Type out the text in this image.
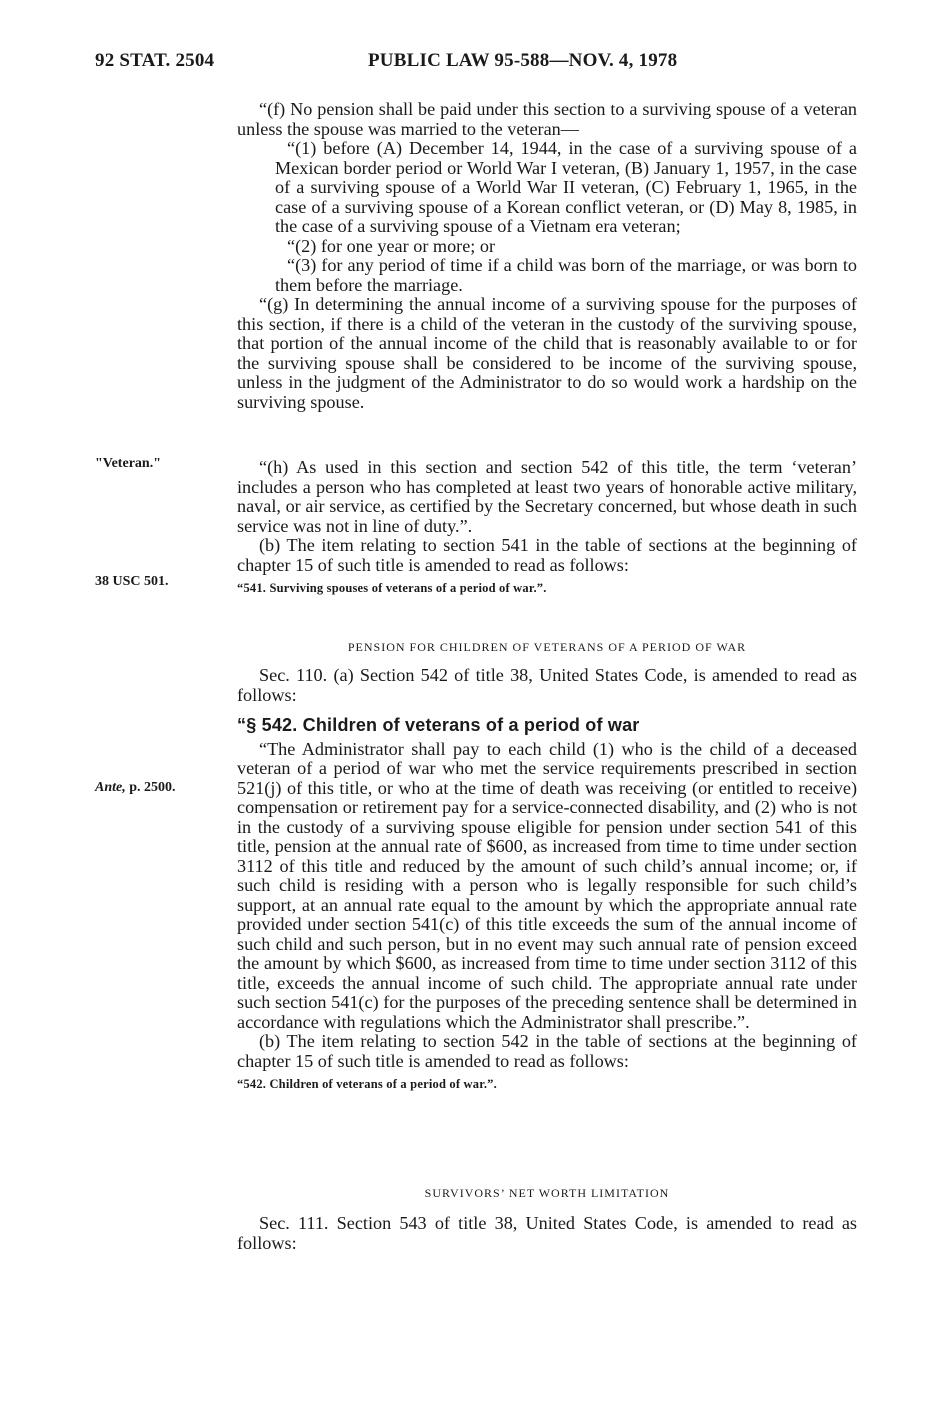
92 STAT. 2504	PUBLIC LAW 95-588—NOV. 4, 1978
"Veteran."
38 USC 501.
Ante, p. 2500.

“(f) No pension shall be paid under this section to a surviving spouse of a veteran unless the spouse was married to the veteran—

“(1) before (A) December 14, 1944, in the case of a surviving spouse of a Mexican border period or World War I veteran, (B) January 1, 1957, in the case of a surviving spouse of a World War II veteran, (C) February 1, 1965, in the case of a surviving spouse of a Korean conflict veteran, or (D) May 8, 1985, in the case of a surviving spouse of a Vietnam era veteran;

“(2) for one year or more; or

“(3) for any period of time if a child was born of the marriage, or was born to them before the marriage.

“(g) In determining the annual income of a surviving spouse for the purposes of this section, if there is a child of the veteran in the custody of the surviving spouse, that portion of the annual income of the child that is reasonably available to or for the surviving spouse shall be considered to be income of the surviving spouse, unless in the judgment of the Administrator to do so would work a hardship on the surviving spouse.

“(h) As used in this section and section 542 of this title, the term ‘veteran’ includes a person who has completed at least two years of honorable active military, naval, or air service, as certified by the Secretary concerned, but whose death in such service was not in line of duty.”.

(b) The item relating to section 541 in the table of sections at the beginning of chapter 15 of such title is amended to read as follows:

“541. Surviving spouses of veterans of a period of war.”.

PENSION FOR CHILDREN OF VETERANS OF A PERIOD OF WAR

Sec. 110. (a) Section 542 of title 38, United States Code, is amended to read as follows:

“§ 542. Children of veterans of a period of war

“The Administrator shall pay to each child (1) who is the child of a deceased veteran of a period of war who met the service requirements prescribed in section 521(j) of this title, or who at the time of death was receiving (or entitled to receive) compensation or retirement pay for a service-connected disability, and (2) who is not in the custody of a surviving spouse eligible for pension under section 541 of this title, pension at the annual rate of $600, as increased from time to time under section 3112 of this title and reduced by the amount of such child’s annual income; or, if such child is residing with a person who is legally responsible for such child’s support, at an annual rate equal to the amount by which the appropriate annual rate provided under section 541(c) of this title exceeds the sum of the annual income of such child and such person, but in no event may such annual rate of pension exceed the amount by which $600, as increased from time to time under section 3112 of this title, exceeds the annual income of such child. The appropriate annual rate under such section 541(c) for the purposes of the preceding sentence shall be determined in accordance with regulations which the Administrator shall prescribe.”.

(b) The item relating to section 542 in the table of sections at the beginning of chapter 15 of such title is amended to read as follows:

“542. Children of veterans of a period of war.”.

SURVIVORS’ NET WORTH LIMITATION

Sec. 111. Section 543 of title 38, United States Code, is amended to read as follows:
